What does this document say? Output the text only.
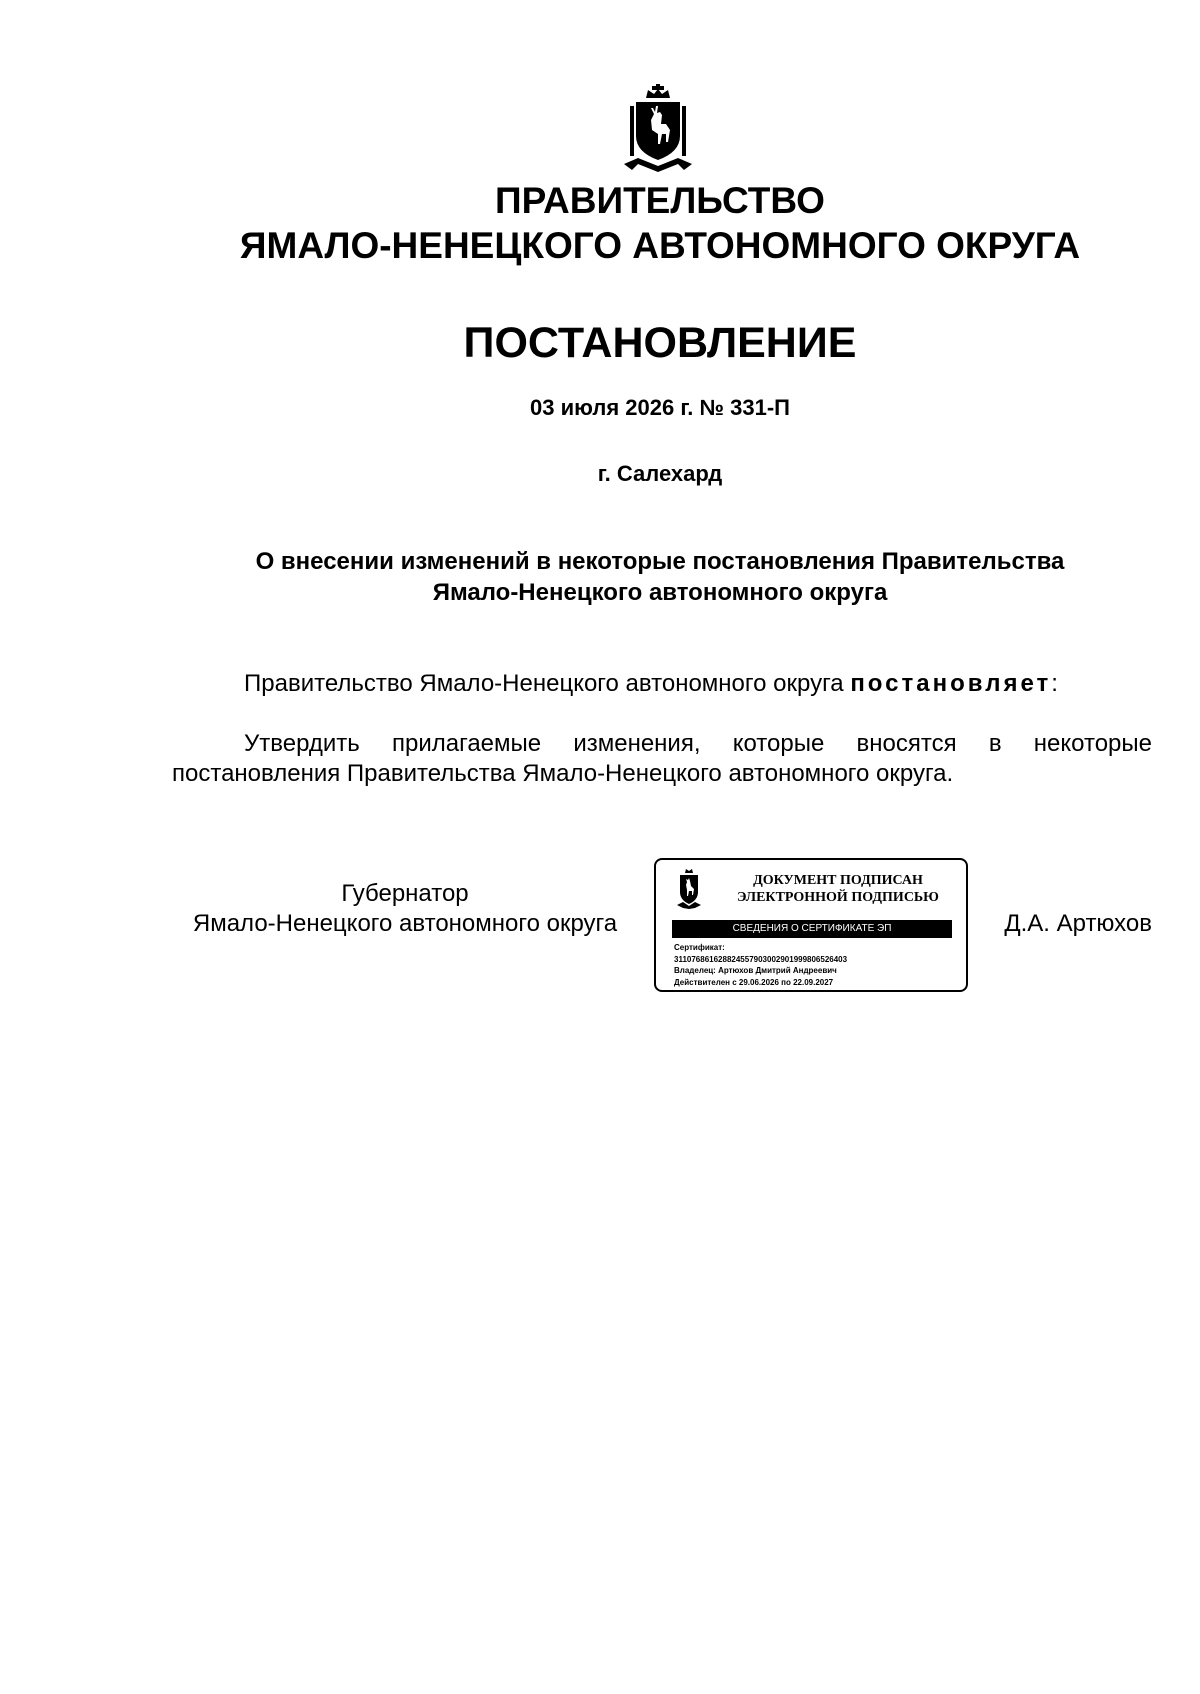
ПРАВИТЕЛЬСТВО
ЯМАЛО-НЕНЕЦКОГО АВТОНОМНОГО ОКРУГА
ПОСТАНОВЛЕНИЕ
03 июля 2026 г. № 331-П
г. Салехард
О внесении изменений в некоторые постановления Правительства
Ямало-Ненецкого автономного округа
Правительство Ямало-Ненецкого автономного округа постановляет:
Утвердить прилагаемые изменения, которые вносятся в некоторые постановления Правительства Ямало-Ненецкого автономного округа.
Губернатор
Ямало-Ненецкого автономного округа
ДОКУМЕНТ ПОДПИСАН
ЭЛЕКТРОННОЙ ПОДПИСЬЮ
СВЕДЕНИЯ О СЕРТИФИКАТЕ ЭП
Сертификат:
311076861628824557903002901999806526403
Владелец: Артюхов Дмитрий Андреевич
Действителен с 29.06.2026 по 22.09.2027
Д.А. Артюхов
